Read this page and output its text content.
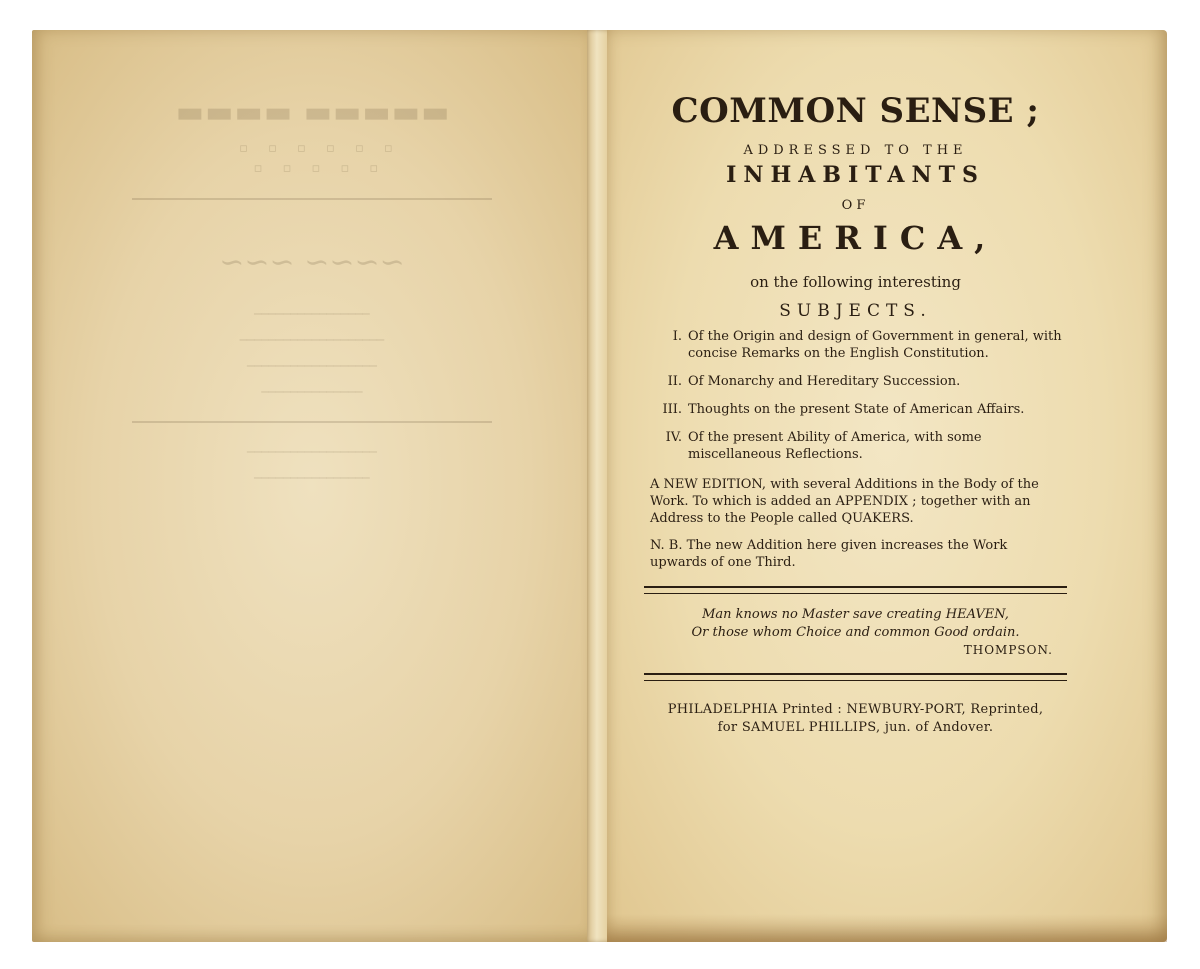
▬▬▬▬▬ ▬▬▬▬
▫ ▫ ▫ ▫ ▫ ▫
▫ ▫ ▫ ▫ ▫
∼∼∼∼ ∼∼∼
────────────────
────────────────────
──────────────────
──────────────
──────────────────
────────────────
COMMON SENSE ;
ADDRESSED TO THE
INHABITANTS
OF
AMERICA,
on the following interesting
SUBJECTS.
I. Of the Origin and design of Government in general, with concise Remarks on the English Constitution.
II. Of Monarchy and Hereditary Succession.
III. Thoughts on the present State of American Affairs.
IV. Of the present Ability of America, with some miscellaneous Reflections.
A NEW EDITION, with several Additions in the Body of the Work. To which is added an APPENDIX ; together with an Address to the People called QUAKERS.
N. B. The new Addition here given increases the Work upwards of one Third.
Man knows no Master save creating HEAVEN,
Or those whom Choice and common Good ordain.
THOMPSON.
PHILADELPHIA Printed : NEWBURY-PORT, Reprinted,
for SAMUEL PHILLIPS, jun. of Andover.
